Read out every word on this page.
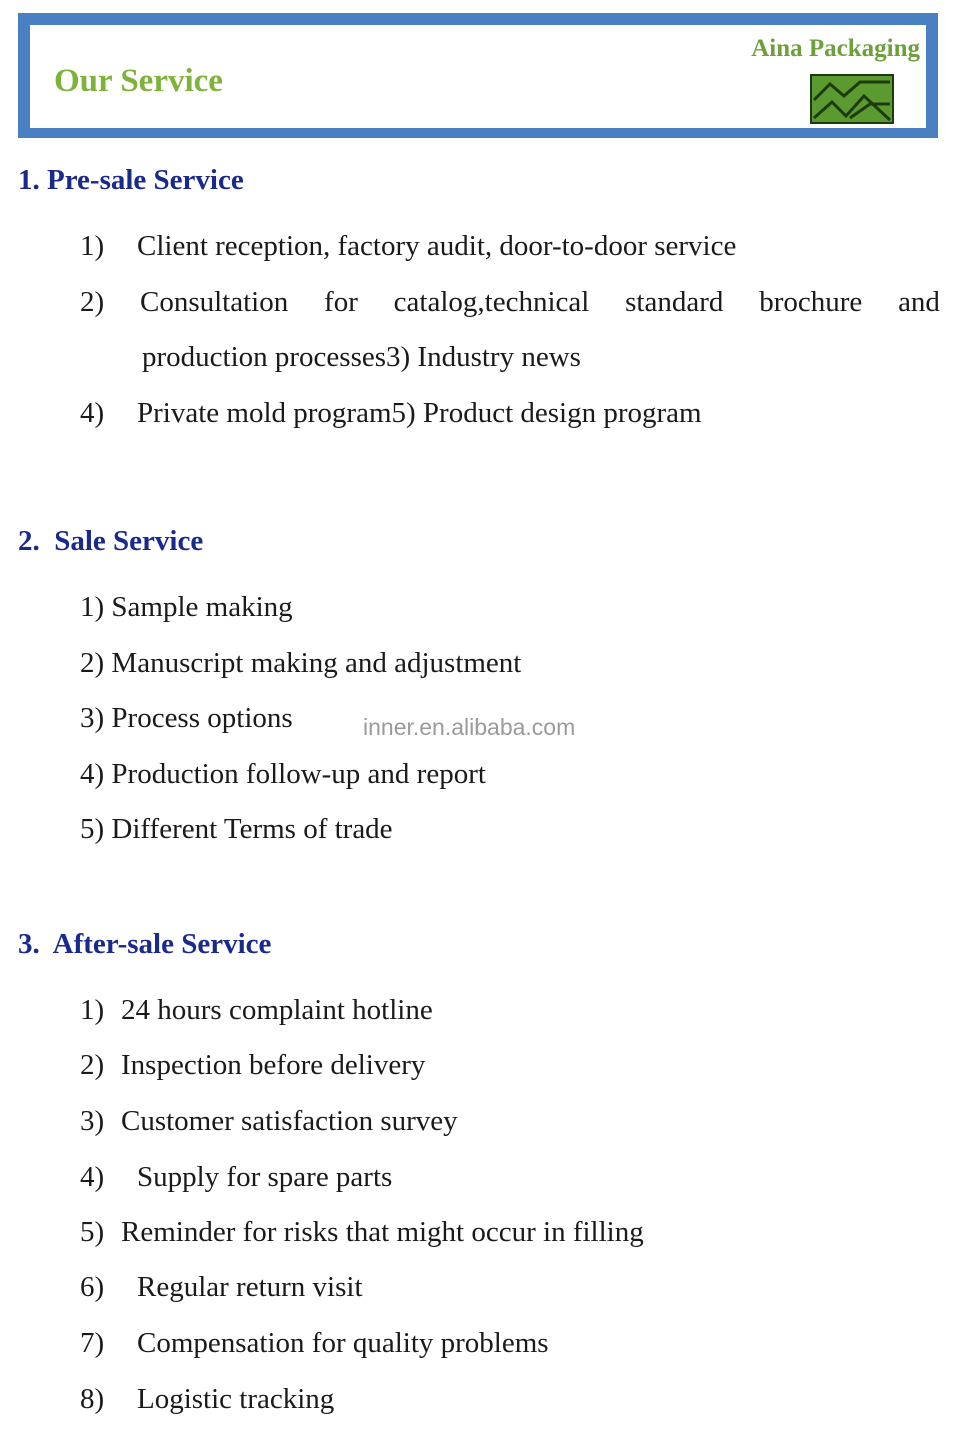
Our Service
Aina Packaging
1. Pre-sale Service
1) Client reception, factory audit, door-to-door service
2) Consultation for catalog,technical standard brochure and
production processes3) Industry news
4) Private mold program5) Product design program
2.  Sale Service
1) Sample making
2) Manuscript making and adjustment
3) Process options
4) Production follow-up and report
5) Different Terms of trade
inner.en.alibaba.com
3.  After-sale Service
1) 24 hours complaint hotline
2) Inspection before delivery
3) Customer satisfaction survey
4) Supply for spare parts
5) Reminder for risks that might occur in filling
6) Regular return visit
7) Compensation for quality problems
8) Logistic tracking
